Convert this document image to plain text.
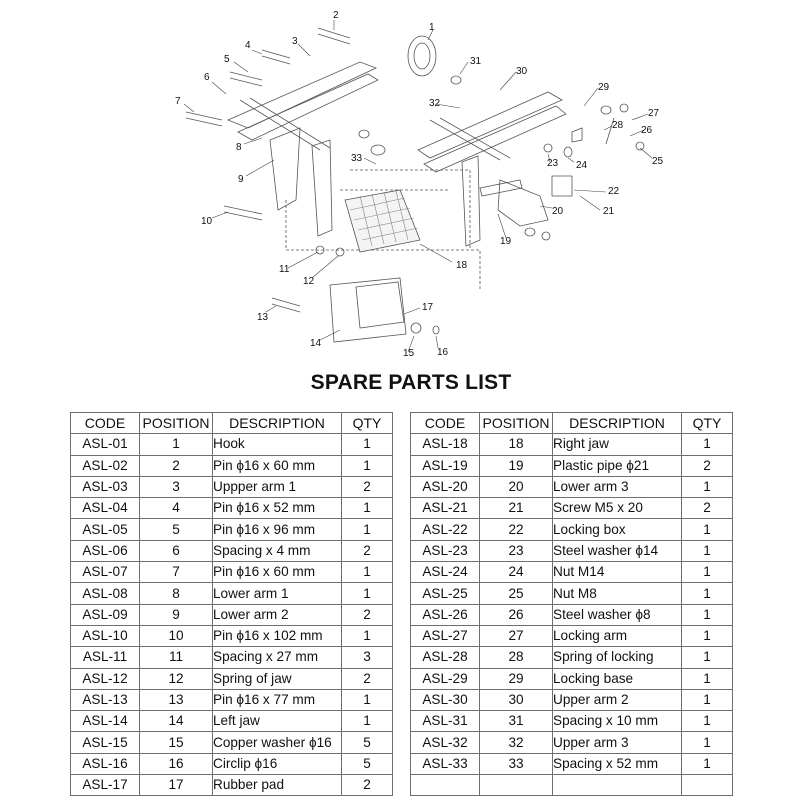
1
2
3
4
5
6
7
8
9
10
11
12
13
14
15 16
17
18
19
20	21
22
23 24	25
26
27
28
29
30
31
32
33
SPARE PARTS LIST
CODE	POSITION	DESCRIPTION	QTY
ASL-01	1	Hook	1
ASL-02	2	Pin ϕ16 x 60 mm	1
ASL-03	3	Uppper arm 1	2
ASL-04	4	Pin ϕ16 x 52 mm	1
ASL-05	5	Pin ϕ16 x 96 mm	1
ASL-06	6	Spacing x 4 mm	2
ASL-07	7	Pin ϕ16 x 60 mm	1
ASL-08	8	Lower arm 1	1
ASL-09	9	Lower arm 2	2
ASL-10	10	Pin ϕ16 x 102 mm	1
ASL-11	11	Spacing x 27 mm	3
ASL-12	12	Spring of jaw	2
ASL-13	13	Pin ϕ16 x 77 mm	1
ASL-14	14	Left jaw	1
ASL-15	15	Copper washer ϕ16	5
ASL-16	16	Circlip ϕ16	5
ASL-17	17	Rubber pad	2
CODE	POSITION	DESCRIPTION	QTY
ASL-18	18	Right jaw	1
ASL-19	19	Plastic pipe ϕ21	2
ASL-20	20	Lower arm 3	1
ASL-21	21	Screw M5 x 20	2
ASL-22	22	Locking box	1
ASL-23	23	Steel washer ϕ14	1
ASL-24	24	Nut M14	1
ASL-25	25	Nut M8	1
ASL-26	26	Steel washer ϕ8	1
ASL-27	27	Locking arm	1
ASL-28	28	Spring of locking	1
ASL-29	29	Locking base	1
ASL-30	30	Upper arm 2	1
ASL-31	31	Spacing x 10 mm	1
ASL-32	32	Upper arm 3	1
ASL-33	33	Spacing x 52 mm	1
